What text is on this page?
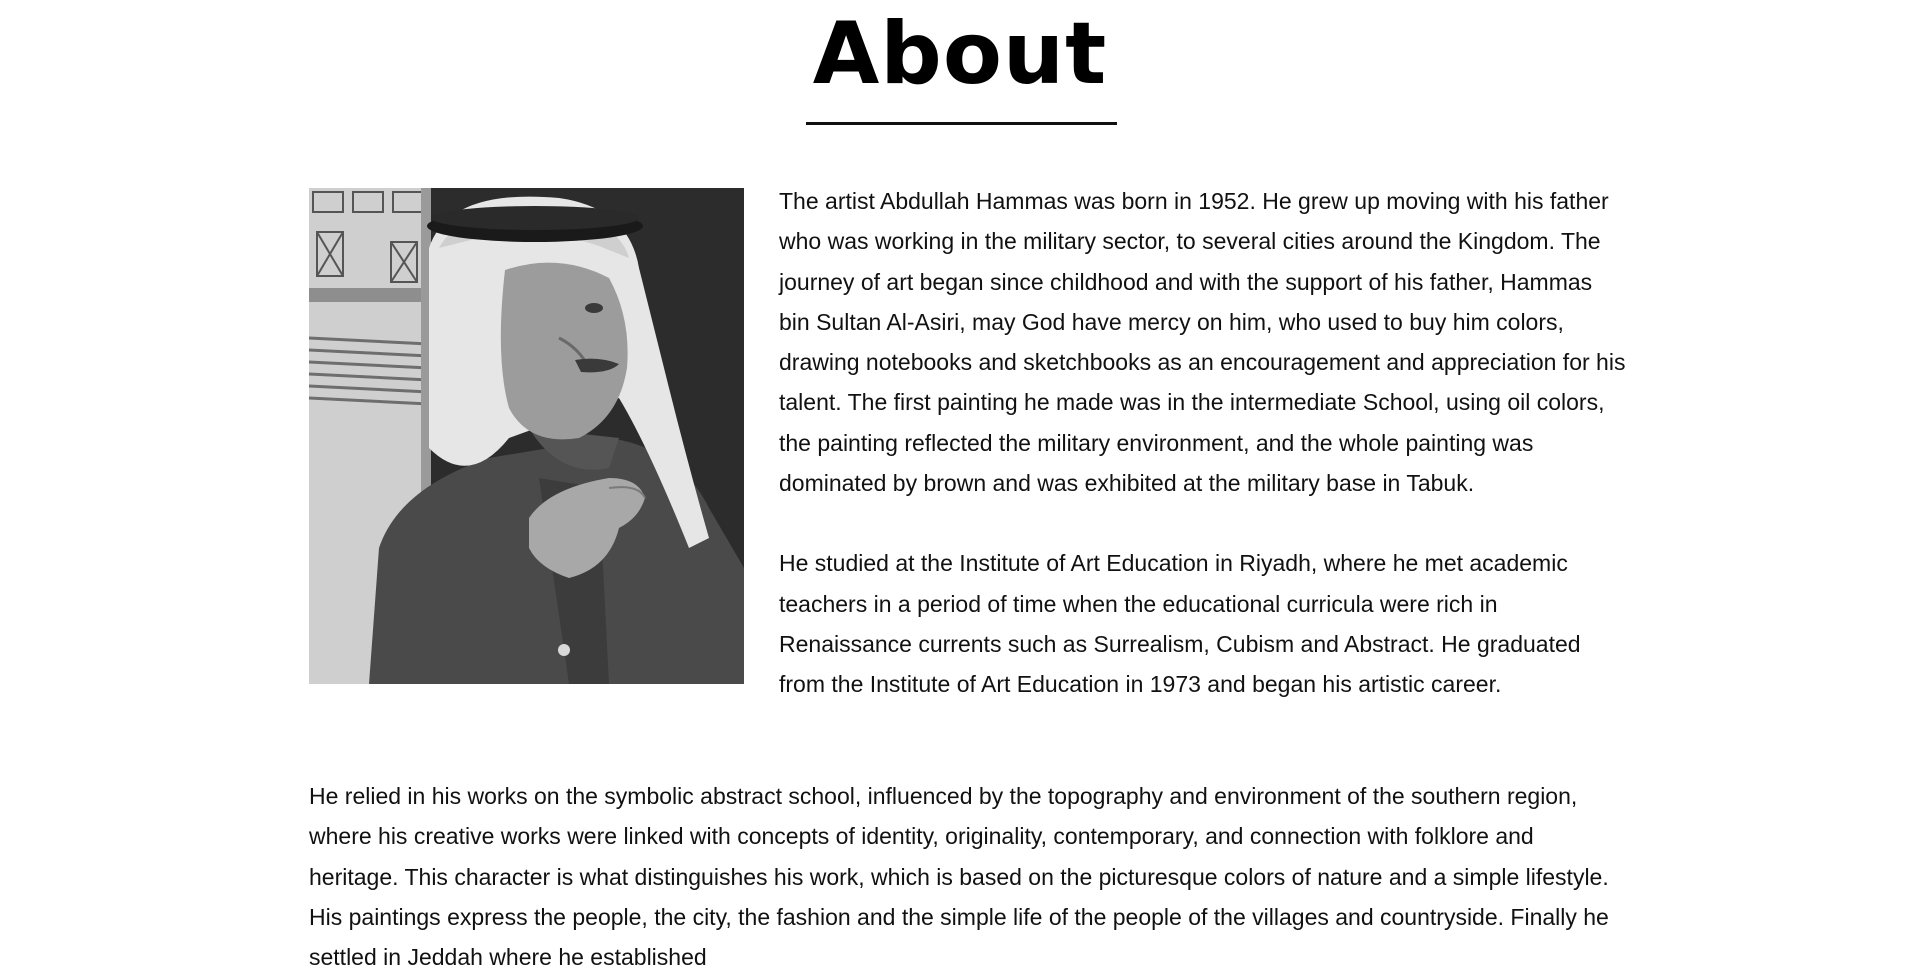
About

The artist Abdullah Hammas was born in 1952. He grew up moving with his father who was working in the military sector, to several cities around the Kingdom. The journey of art began since childhood and with the support of his father, Hammas bin Sultan Al-Asiri, may God have mercy on him, who used to buy him colors, drawing notebooks and sketchbooks as an encouragement and appreciation for his talent. The first painting he made was in the intermediate School, using oil colors, the painting reflected the military environment, and the whole painting was dominated by brown and was exhibited at the military base in Tabuk.

He studied at the Institute of Art Education in Riyadh, where he met academic teachers in a period of time when the educational curricula were rich in Renaissance currents such as Surrealism, Cubism and Abstract. He graduated from the Institute of Art Education in 1973 and began his artistic career.

He relied in his works on the symbolic abstract school, influenced by the topography and environment of the southern region, where his creative works were linked with concepts of identity, originality, contemporary, and connection with folklore and heritage. This character is what distinguishes his work, which is based on the picturesque colors of nature and a simple lifestyle. His paintings express the people, the city, the fashion and the simple life of the people of the villages and countryside. Finally he settled in Jeddah where he established
